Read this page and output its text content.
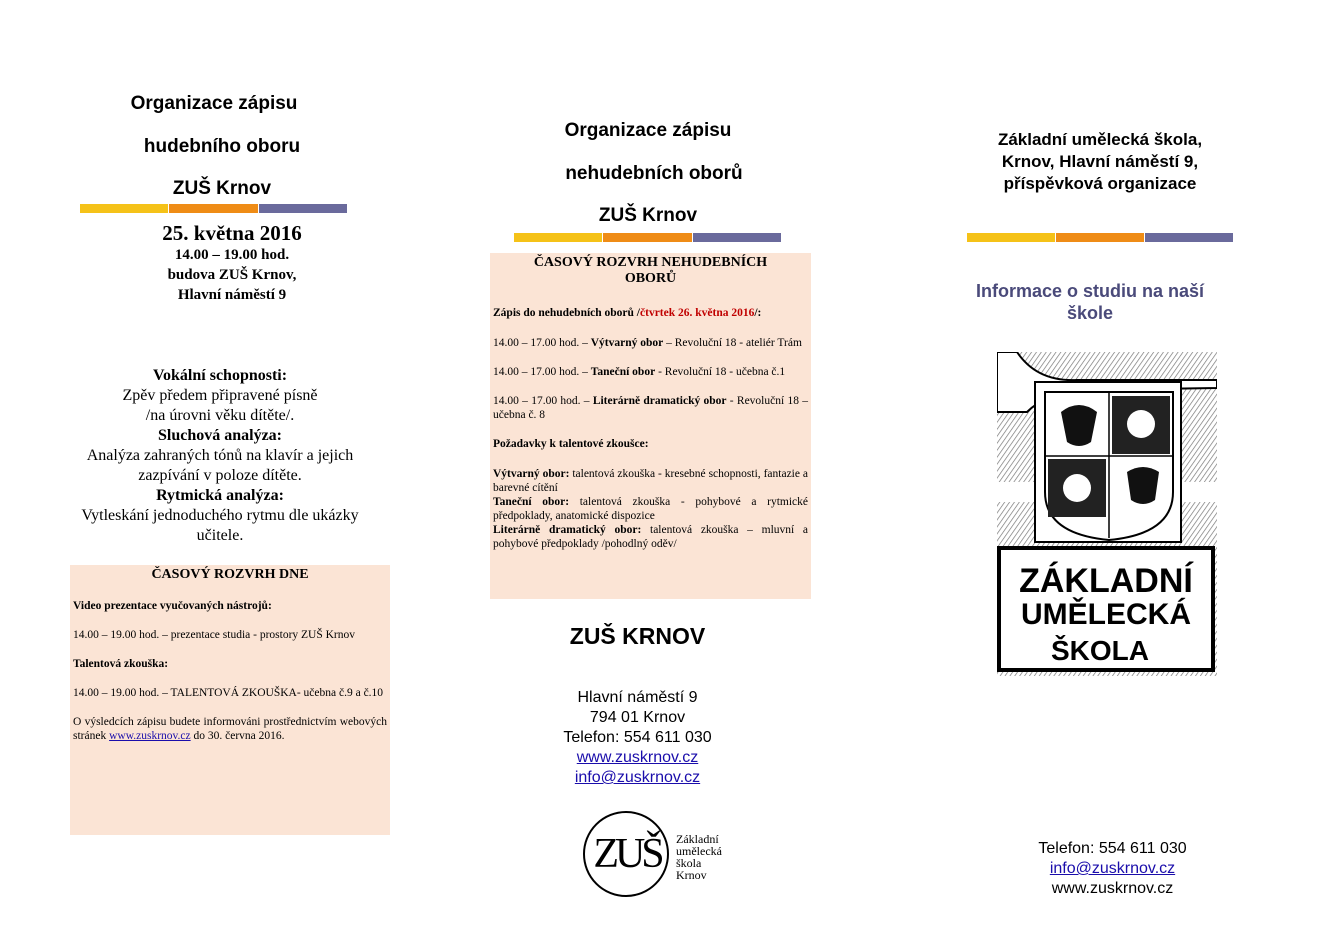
Organizace zápisu
hudebního oboru
ZUŠ Krnov
25. května 2016
14.00 – 19.00 hod.
budova ZUŠ Krnov,
Hlavní náměstí 9
Vokální schopnosti:
Zpěv předem připravené písně
/na úrovni věku dítěte/.
Sluchová analýza:
Analýza zahraných tónů na klavír a jejich
zazpívání v poloze dítěte.
Rytmická analýza:
Vytleskání jednoduchého rytmu dle ukázky
učitele.

ČASOVÝ ROZVRH DNE

Video prezentace vyučovaných nástrojů:

14.00 – 19.00 hod. – prezentace studia - prostory ZUŠ Krnov

Talentová zkouška:

14.00 – 19.00 hod. – TALENTOVÁ ZKOUŠKA- učebna č.9 a č.10

O výsledcích zápisu budete informováni prostřednictvím webových stránek www.zuskrnov.cz do 30. června 2016.

Organizace zápisu
nehudebních oborů
ZUŠ Krnov

ČASOVÝ ROZVRH NEHUDEBNÍCH

OBORŮ

Zápis do nehudebních oborů /čtvrtek 26. května 2016/:

14.00 – 17.00 hod. – Výtvarný obor – Revoluční 18 - ateliér Trám

14.00 – 17.00 hod. – Taneční obor - Revoluční 18 - učebna č.1

14.00 – 17.00 hod. – Literárně dramatický obor - Revoluční 18 – učebna č. 8

Požadavky k talentové zkoušce:

Výtvarný obor: talentová zkouška - kresebné schopnosti, fantazie a barevné cítění

Taneční obor: talentová zkouška - pohybové a rytmické předpoklady, anatomické dispozice

Literárně dramatický obor: talentová zkouška – mluvní a pohybové předpoklady /pohodlný oděv/

ZUŠ KRNOV
Hlavní náměstí 9
794 01 Krnov
Telefon: 554 611 030
www.zuskrnov.cz
info@zuskrnov.cz
ZUŠ	Základní
umělecká
škola
Krnov
Základní umělecká škola,
Krnov, Hlavní náměstí 9,
příspěvková organizace
Informace o studiu na naší
škole
ZÁKLADNÍ
UMĚLECKÁ
ŠKOLA
Telefon: 554 611 030
info@zuskrnov.cz
www.zuskrnov.cz
